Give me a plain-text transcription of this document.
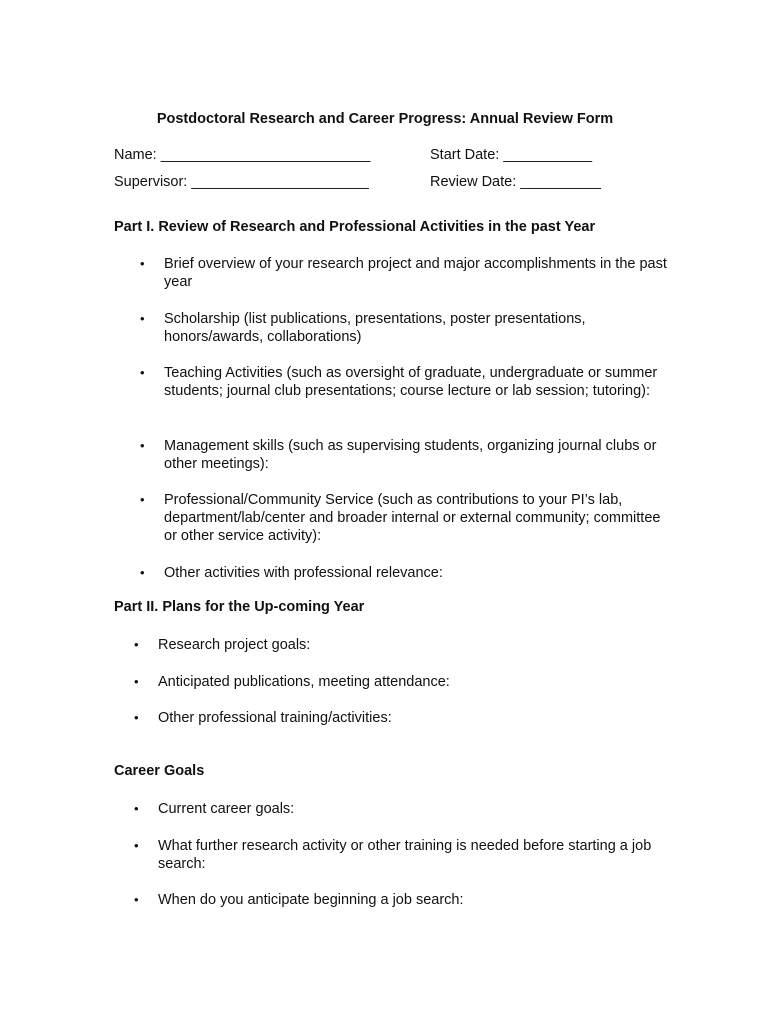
Postdoctoral Research and Career Progress: Annual Review Form
Name: __________________________	Start Date: ___________
Supervisor: ______________________	Review Date: __________
Part I. Review of Research and Professional Activities in the past Year
• Brief overview of your research project and major accomplishments in the past year
• Scholarship (list publications, presentations, poster presentations, honors/awards, collaborations)
• Teaching Activities (such as oversight of graduate, undergraduate or summer students; journal club presentations; course lecture or lab session; tutoring):
• Management skills (such as supervising students, organizing journal clubs or other meetings):
• Professional/Community Service (such as contributions to your PI’s lab, department/lab/center and broader internal or external community; committee or other service activity):
• Other activities with professional relevance:
Part II. Plans for the Up-coming Year
• Research project goals:
• Anticipated publications, meeting attendance:
• Other professional training/activities:
Career Goals
• Current career goals:
• What further research activity or other training is needed before starting a job search:
• When do you anticipate beginning a job search:
